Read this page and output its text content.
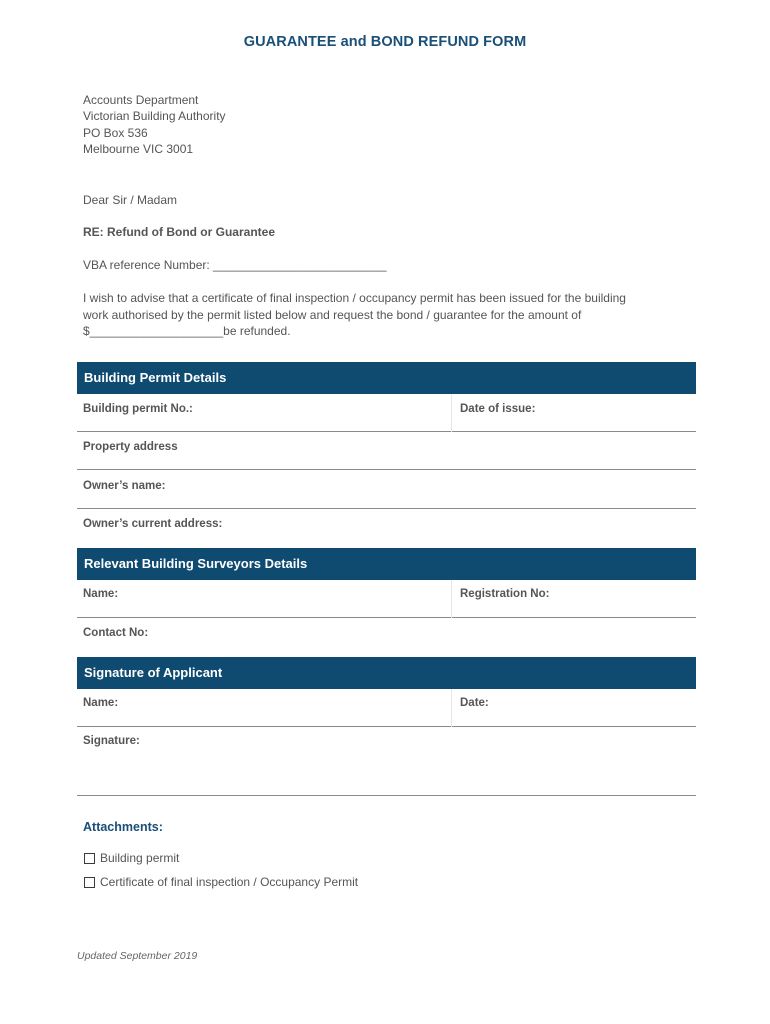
GUARANTEE and BOND REFUND FORM
Accounts Department
Victorian Building Authority
PO Box 536
Melbourne VIC 3001
Dear Sir / Madam
RE: Refund of Bond or Guarantee
VBA reference Number: __________________________
I wish to advise that a certificate of final inspection / occupancy permit has been issued for the building
work authorised by the permit listed below and request the bond / guarantee for the amount of
$____________________be refunded.
Building Permit Details
Building permit No.:	Date of issue:
Property address
Owner’s name:
Owner’s current address:
Relevant Building Surveyors Details
Name:	Registration No:
Contact No:
Signature of Applicant
Name:	Date:
Signature:
Attachments:
Building permit
Certificate of final inspection / Occupancy Permit
Updated September 2019
